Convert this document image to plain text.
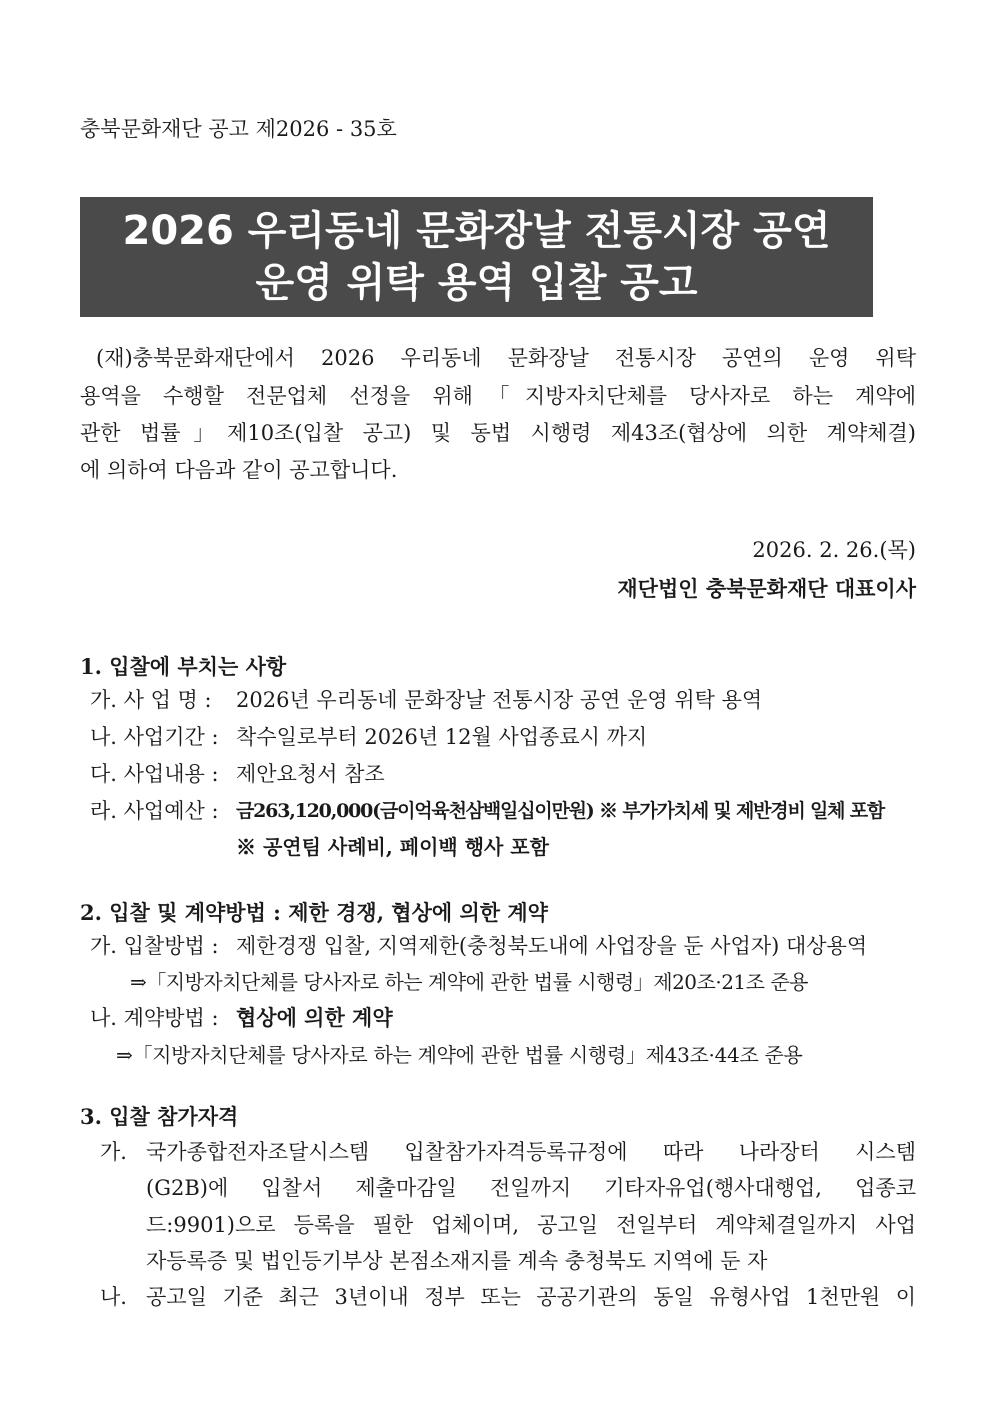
충북문화재단 공고 제2026 - 35호
2026 우리동네 문화장날 전통시장 공연
운영 위탁 용역 입찰 공고
(재)충북문화재단에서 2026 우리동네 문화장날 전통시장 공연의 운영 위탁
용역을 수행할 전문업체 선정을 위해「지방자치단체를 당사자로 하는 계약에
관한 법률」제10조(입찰 공고) 및 동법 시행령 제43조(협상에 의한 계약체결)
에 의하여 다음과 같이 공고합니다.
2026. 2. 26.(목)
재단법인 충북문화재단 대표이사
1. 입찰에 부치는 사항
가. 사 업 명 : 2026년 우리동네 문화장날 전통시장 공연 운영 위탁 용역
나. 사업기간 : 착수일로부터 2026년 12월 사업종료시 까지
다. 사업내용 : 제안요청서 참조
라. 사업예산 : 금263,120,000(금이억육천삼백일십이만원) ※ 부가가치세 및 제반경비 일체 포함
※ 공연팀 사례비, 페이백 행사 포함
2. 입찰 및 계약방법 : 제한 경쟁, 협상에 의한 계약
가. 입찰방법 : 제한경쟁 입찰, 지역제한(충청북도내에 사업장을 둔 사업자) 대상용역
⇒「지방자치단체를 당사자로 하는 계약에 관한 법률 시행령」제20조·21조 준용
나. 계약방법 : 협상에 의한 계약
⇒「지방자치단체를 당사자로 하는 계약에 관한 법률 시행령」제43조·44조 준용
3. 입찰 참가자격
가. 국가종합전자조달시스템 입찰참가자격등록규정에 따라 나라장터 시스템
(G2B)에 입찰서 제출마감일 전일까지 기타자유업(행사대행업, 업종코
드:9901)으로 등록을 필한 업체이며, 공고일 전일부터 계약체결일까지 사업
자등록증 및 법인등기부상 본점소재지를 계속 충청북도 지역에 둔 자
나. 공고일 기준 최근 3년이내 정부 또는 공공기관의 동일 유형사업 1천만원 이
